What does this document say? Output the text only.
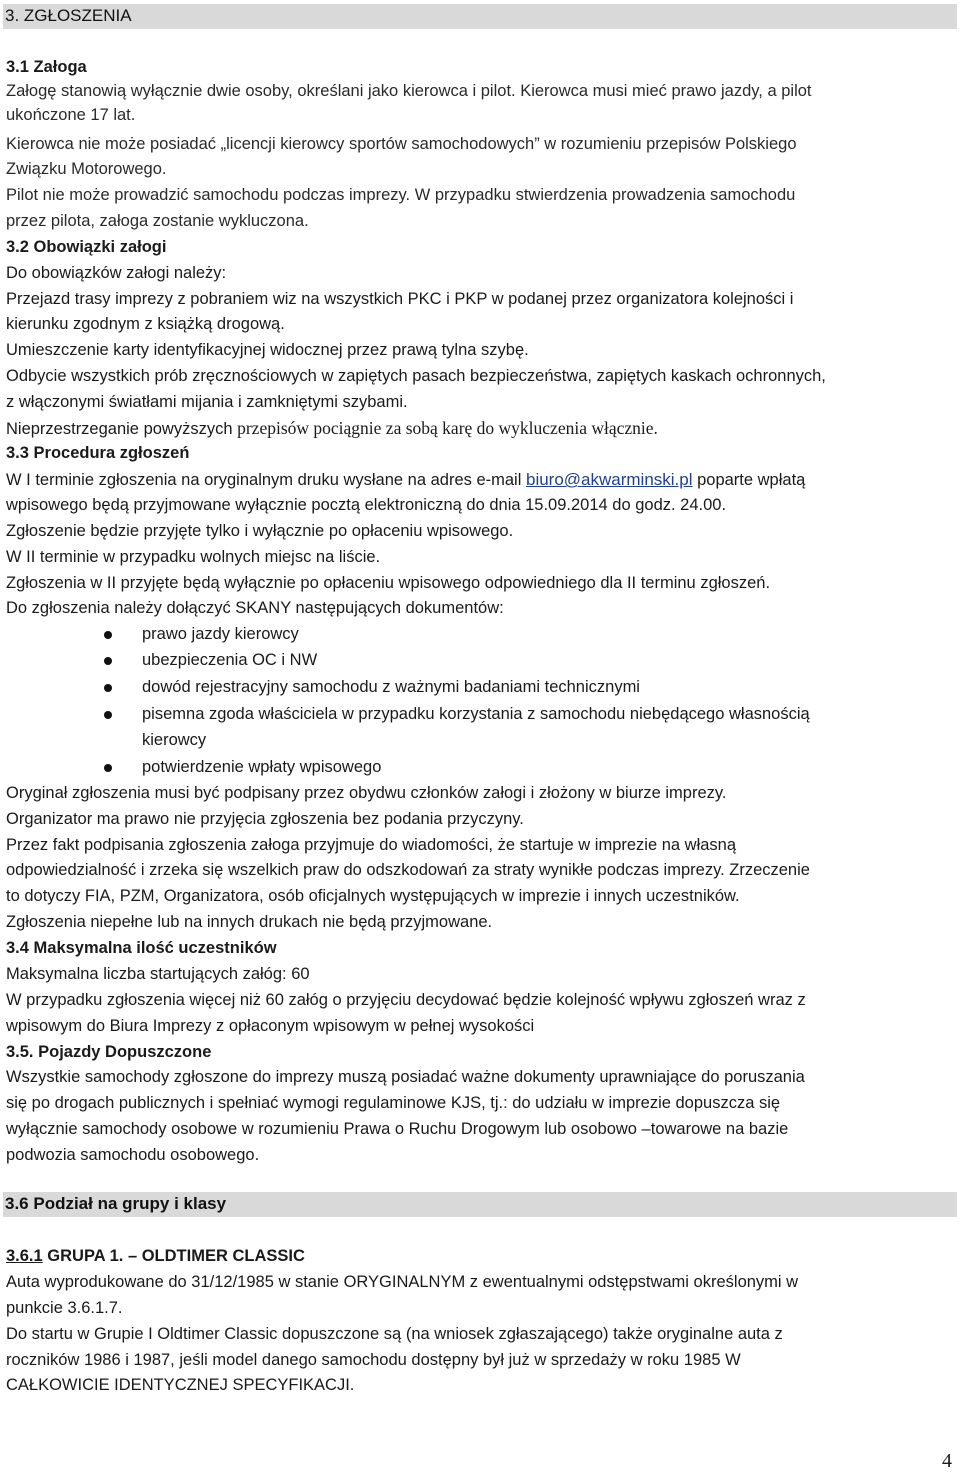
3. ZGŁOSZENIA
3.1 Załoga
Załogę stanowią wyłącznie dwie osoby, określani jako kierowca i pilot. Kierowca musi mieć prawo jazdy, a pilot
ukończone 17 lat.
Kierowca nie może posiadać „licencji kierowcy sportów samochodowych” w rozumieniu przepisów Polskiego
Związku Motorowego.
Pilot nie może prowadzić samochodu podczas imprezy. W przypadku stwierdzenia prowadzenia samochodu
przez pilota, załoga zostanie wykluczona.
3.2 Obowiązki załogi
Do obowiązków załogi należy:
Przejazd trasy imprezy z pobraniem wiz na wszystkich PKC i PKP w podanej przez organizatora kolejności i
kierunku zgodnym z książką drogową.
Umieszczenie karty identyfikacyjnej widocznej przez prawą tylna szybę.
Odbycie wszystkich prób zręcznościowych w zapiętych pasach bezpieczeństwa, zapiętych kaskach ochronnych,
z włączonymi światłami mijania i zamkniętymi szybami.
Nieprzestrzeganie powyższych przepisów pociągnie za sobą karę do wykluczenia włącznie.
3.3 Procedura zgłoszeń
W I terminie zgłoszenia na oryginalnym druku wysłane na adres e-mail biuro@akwarminski.pl poparte wpłatą
wpisowego będą przyjmowane wyłącznie pocztą elektroniczną do dnia 15.09.2014 do godz. 24.00.
Zgłoszenie będzie przyjęte tylko i wyłącznie po opłaceniu wpisowego.
W II terminie w przypadku wolnych miejsc na liście.
Zgłoszenia w II przyjęte będą wyłącznie po opłaceniu wpisowego odpowiedniego dla II terminu zgłoszeń.
Do zgłoszenia należy dołączyć SKANY następujących dokumentów:
prawo jazdy kierowcy
ubezpieczenia OC i NW
dowód rejestracyjny samochodu z ważnymi badaniami technicznymi
pisemna zgoda właściciela w przypadku korzystania z samochodu niebędącego własnością
kierowcy
potwierdzenie wpłaty wpisowego
Oryginał zgłoszenia musi być podpisany przez obydwu członków załogi i złożony w biurze imprezy.
Organizator ma prawo nie przyjęcia zgłoszenia bez podania przyczyny.
Przez fakt podpisania zgłoszenia załoga przyjmuje do wiadomości, że startuje w imprezie na własną
odpowiedzialność i zrzeka się wszelkich praw do odszkodowań za straty wynikłe podczas imprezy. Zrzeczenie
to dotyczy FIA, PZM, Organizatora, osób oficjalnych występujących w imprezie i innych uczestników.
Zgłoszenia niepełne lub na innych drukach nie będą przyjmowane.
3.4 Maksymalna ilość uczestników
Maksymalna liczba startujących załóg: 60
W przypadku zgłoszenia więcej niż 60 załóg o przyjęciu decydować będzie kolejność wpływu zgłoszeń wraz z
wpisowym do Biura Imprezy z opłaconym wpisowym w pełnej wysokości
3.5. Pojazdy Dopuszczone
Wszystkie samochody zgłoszone do imprezy muszą posiadać ważne dokumenty uprawniające do poruszania
się po drogach publicznych i spełniać wymogi regulaminowe KJS, tj.: do udziału w imprezie dopuszcza się
wyłącznie samochody osobowe w rozumieniu Prawa o Ruchu Drogowym lub osobowo –towarowe na bazie
podwozia samochodu osobowego.
3.6 Podział na grupy i klasy
3.6.1 GRUPA 1. – OLDTIMER CLASSIC
Auta wyprodukowane do 31/12/1985 w stanie ORYGINALNYM z ewentualnymi odstępstwami określonymi w
punkcie 3.6.1.7.
Do startu w Grupie I Oldtimer Classic dopuszczone są (na wniosek zgłaszającego) także oryginalne auta z
roczników 1986 i 1987, jeśli model danego samochodu dostępny był już w sprzedaży w roku 1985 W
CAŁKOWICIE IDENTYCZNEJ SPECYFIKACJI.
4
